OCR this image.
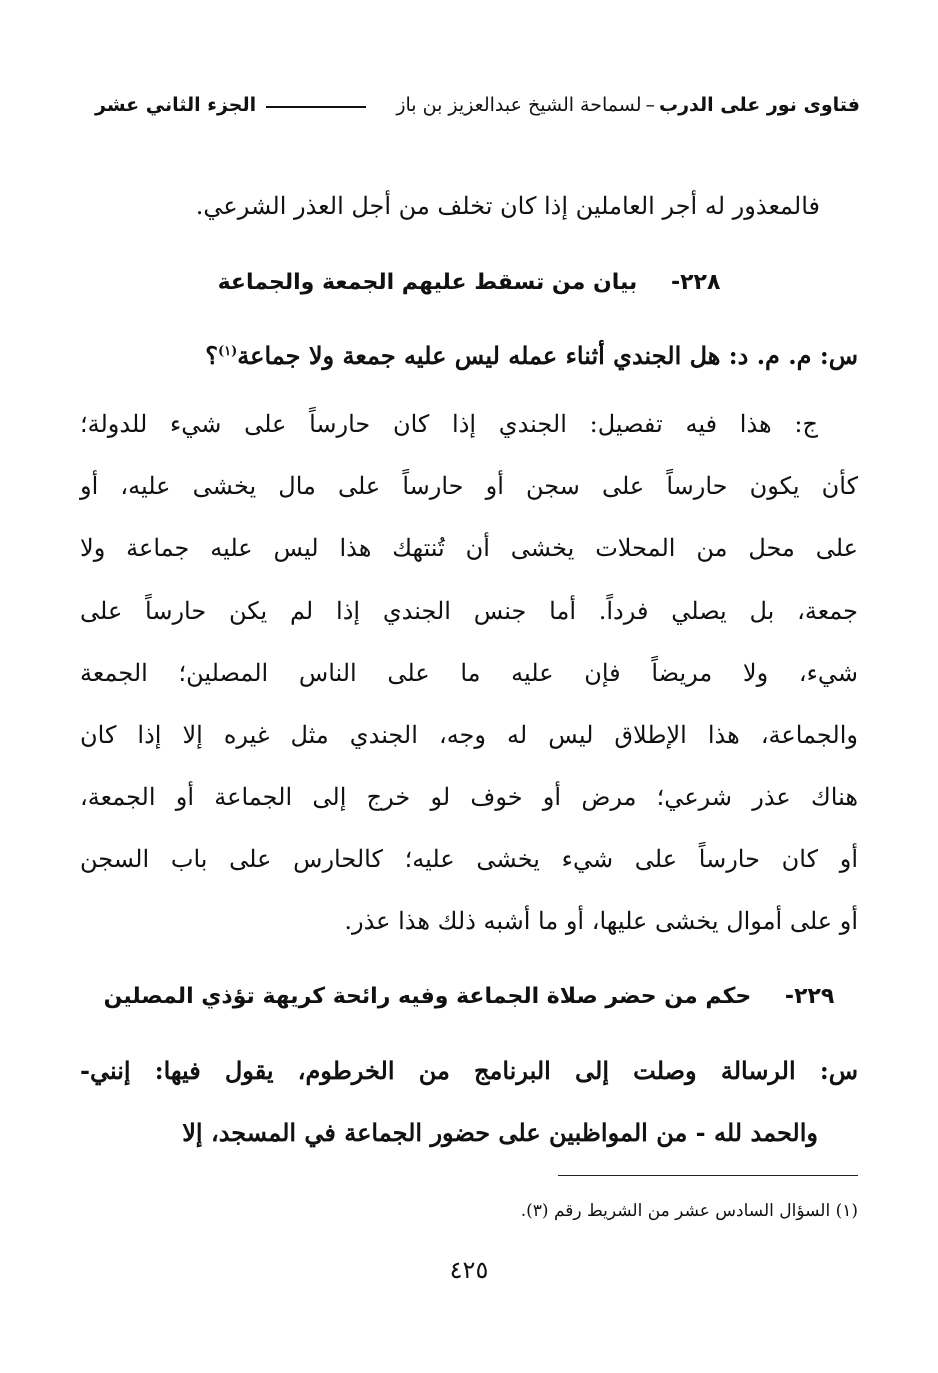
فتاوى نور على الدرب
–
لسماحة الشيخ عبدالعزيز بن باز
الجزء الثاني عشر
فالمعذور له أجر العاملين إذا كان تخلف من أجل العذر الشرعي.
٢٢٨- بيان من تسقط عليهم الجمعة والجماعة
س: م. م. د: هل الجندي أثناء عمله ليس عليه جمعة ولا جماعة$^{(١)}$؟
ج: هذا فيه تفصيل: الجندي إذا كان حارساً على شيء للدولة؛
كأن يكون حارساً على سجن أو حارساً على مال يخشى عليه، أو
على محل من المحلات يخشى أن تُنتهك هذا ليس عليه جماعة ولا
جمعة، بل يصلي فرداً. أما جنس الجندي إذا لم يكن حارساً على
شيء، ولا مريضاً فإن عليه ما على الناس المصلين؛ الجمعة
والجماعة، هذا الإطلاق ليس له وجه، الجندي مثل غيره إلا إذا كان
هناك عذر شرعي؛ مرض أو خوف لو خرج إلى الجماعة أو الجمعة،
أو كان حارساً على شيء يخشى عليه؛ كالحارس على باب السجن
أو على أموال يخشى عليها، أو ما أشبه ذلك هذا عذر.
٢٢٩- حكم من حضر صلاة الجماعة وفيه رائحة كريهة تؤذي المصلين
س: الرسالة وصلت إلى البرنامج من الخرطوم، يقول فيها: إنني-
والحمد لله - من المواظبين على حضور الجماعة في المسجد، إلا
(١) السؤال السادس عشر من الشريط رقم (٣).
٤٢٥
